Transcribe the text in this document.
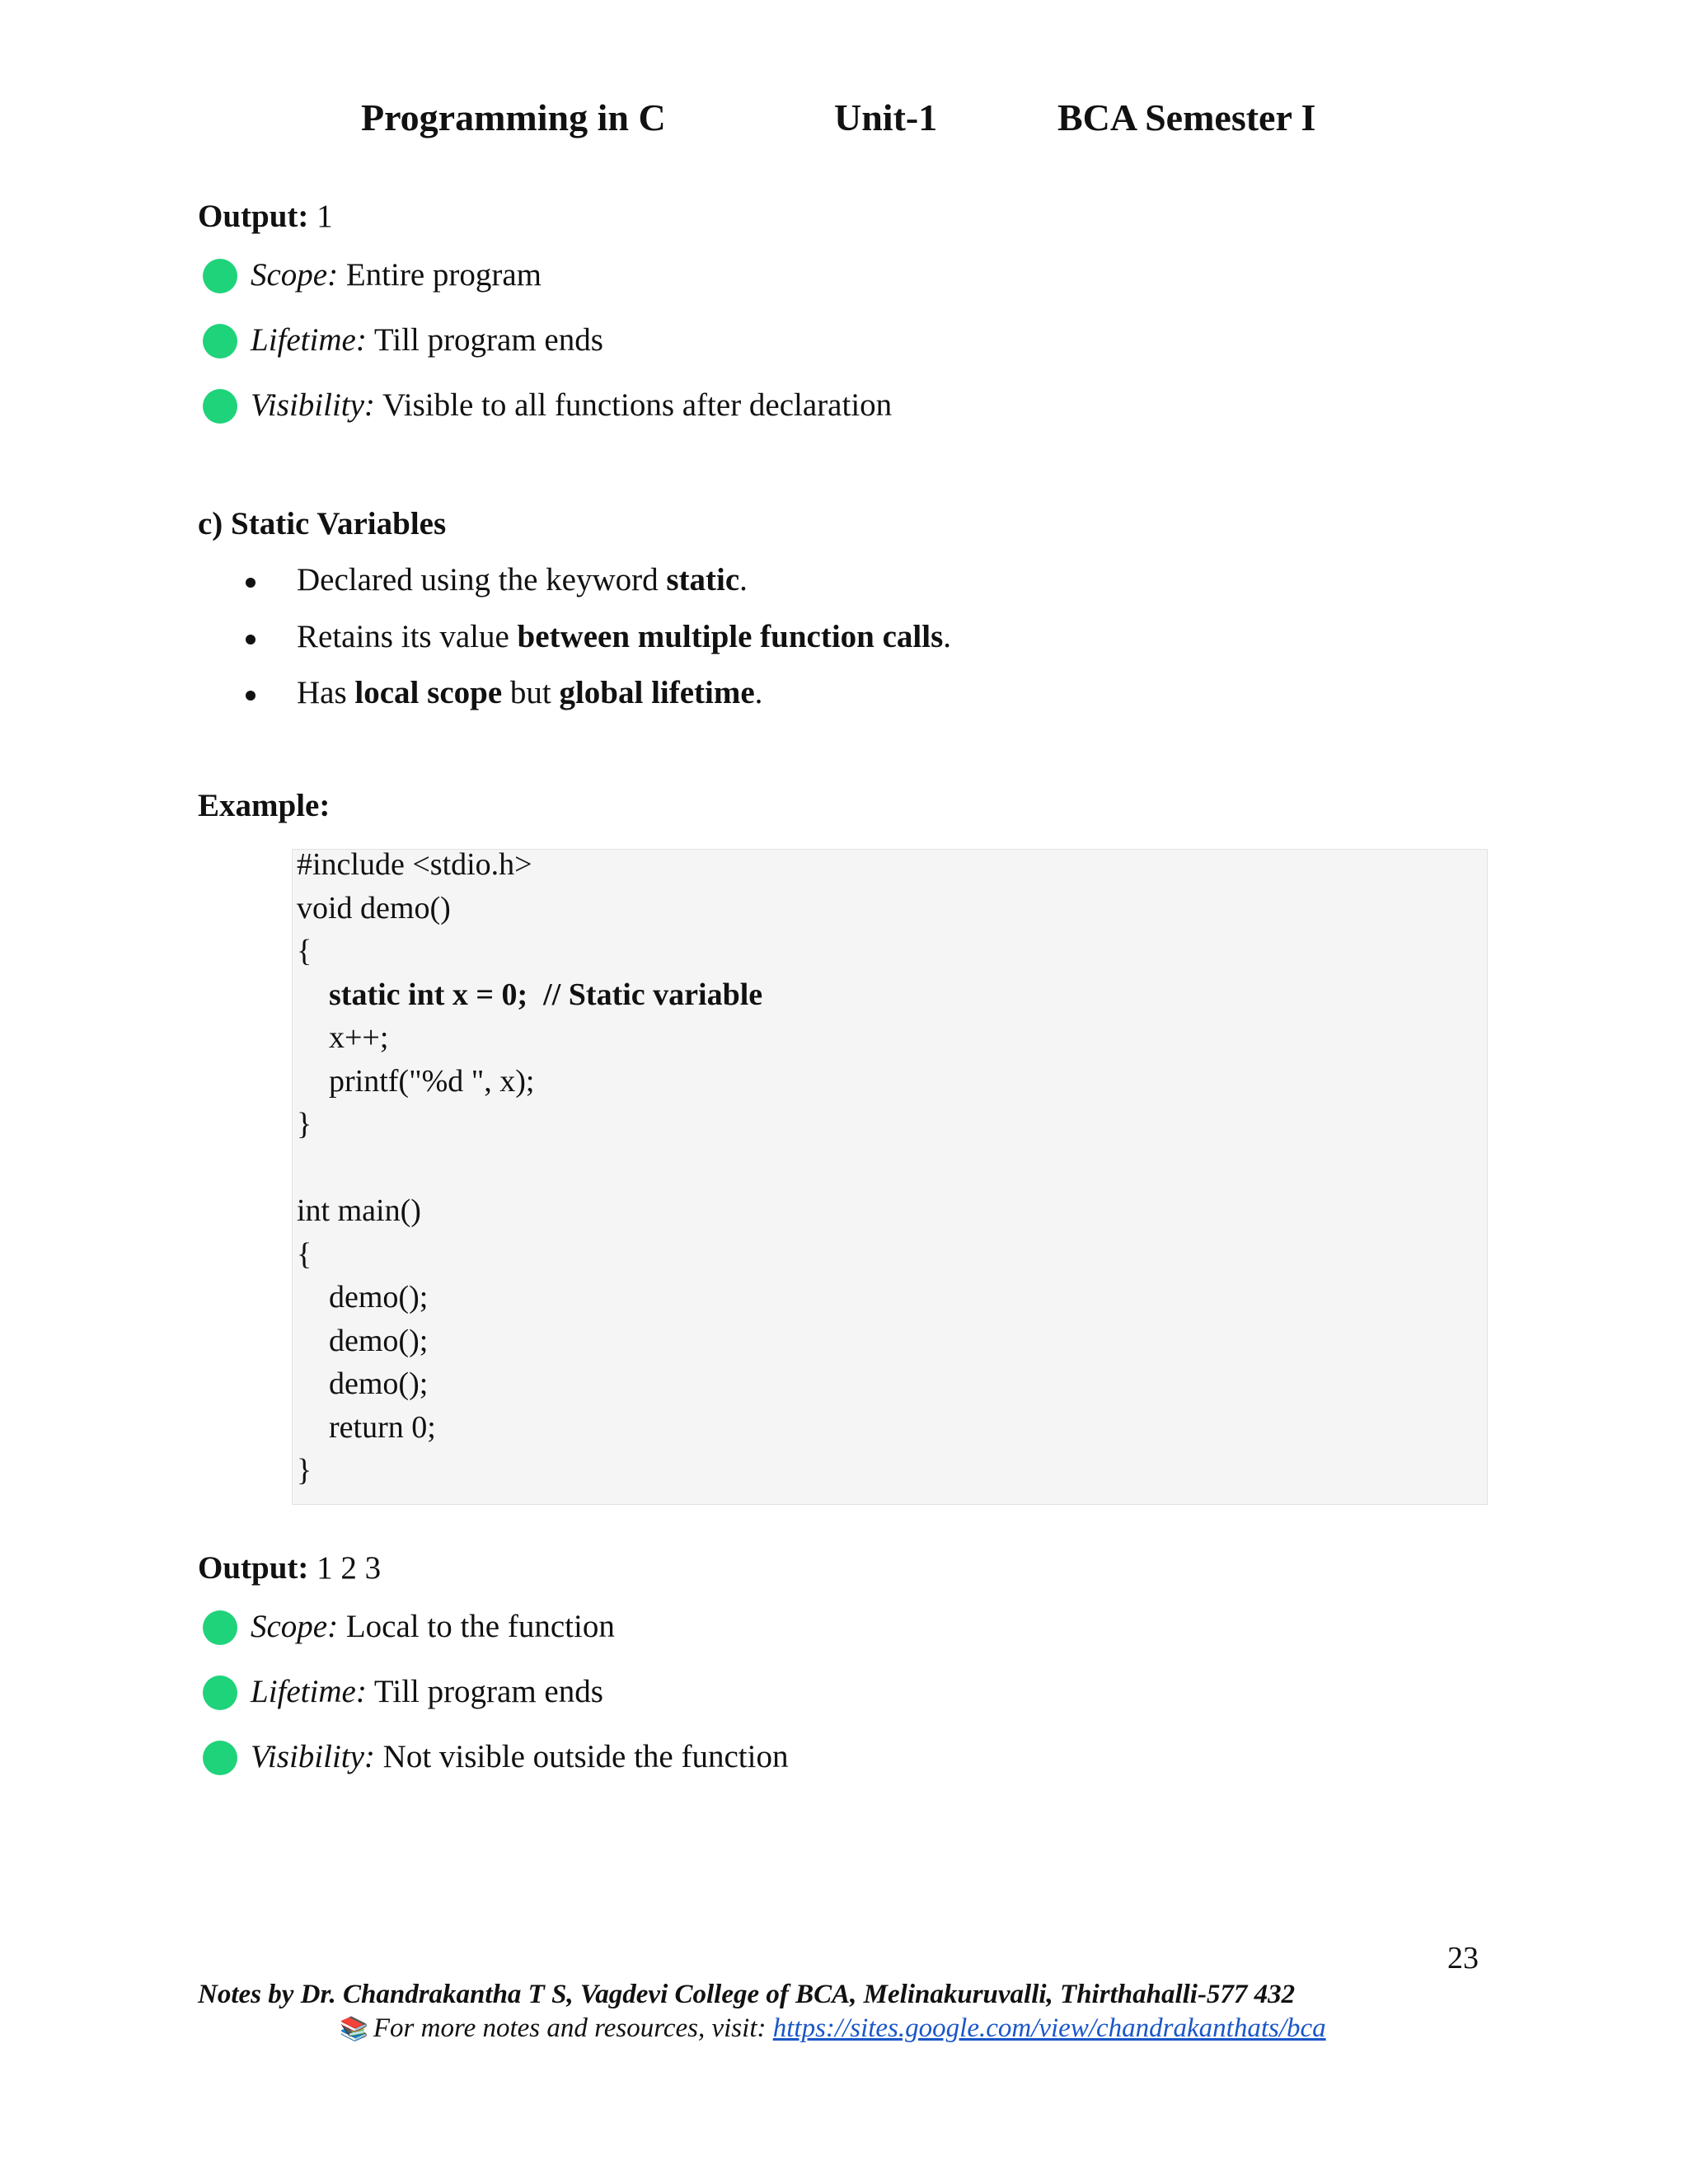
Programming in C	Unit-1	BCA Semester I
Output: 1
Scope: Entire program
Lifetime: Till program ends
Visibility: Visible to all functions after declaration
c) Static Variables
Declared using the keyword static.
Retains its value between multiple function calls.
Has local scope but global lifetime.
Example:
#include <stdio.h>
void demo()
{
static int x = 0;  // Static variable
x++;
printf("%d ", x);
}
int main()
{
demo();
demo();
demo();
return 0;
}
Output: 1 2 3
Scope: Local to the function
Lifetime: Till program ends
Visibility: Not visible outside the function
23
Notes by Dr. Chandrakantha T S, Vagdevi College of BCA, Melinakuruvalli, Thirthahalli-577 432
📚 For more notes and resources, visit: https://sites.google.com/view/chandrakanthats/bca
